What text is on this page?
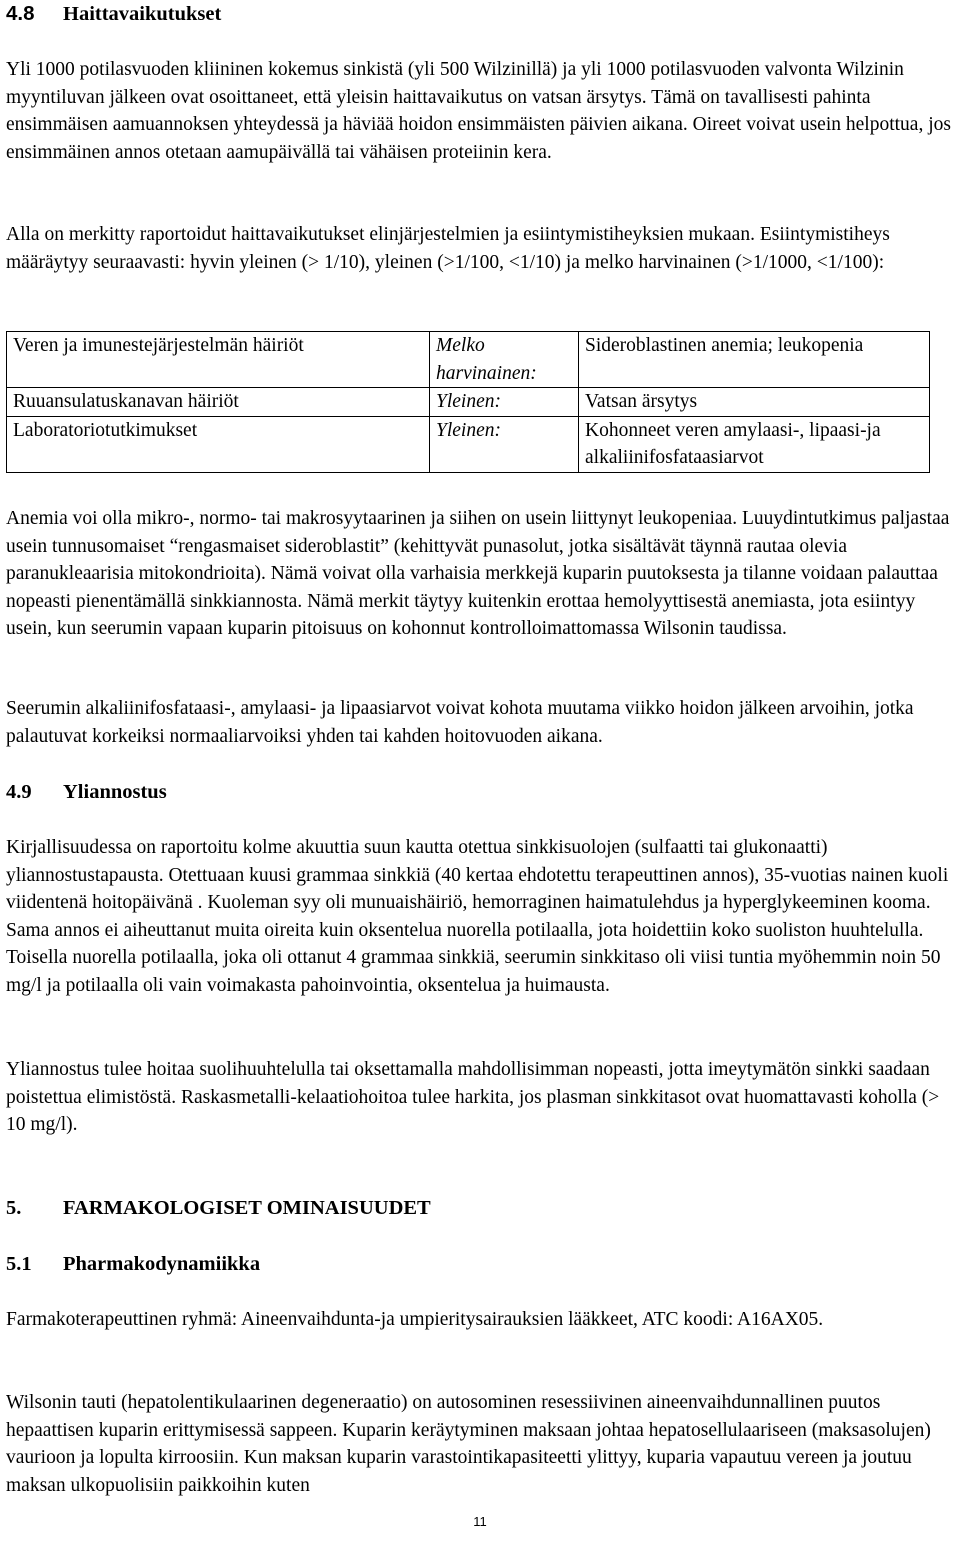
4.8 Haittavaikutukset

Yli 1000 potilasvuoden kliininen kokemus sinkistä (yli 500 Wilzinillä) ja yli 1000 potilasvuoden valvonta Wilzinin myyntiluvan jälkeen ovat osoittaneet, että yleisin haittavaikutus on vatsan ärsytys. Tämä on tavallisesti pahinta ensimmäisen aamuannoksen yhteydessä ja häviää hoidon ensimmäisten päivien aikana. Oireet voivat usein helpottua, jos ensimmäinen annos otetaan aamupäivällä tai vähäisen proteiinin kera.

Alla on merkitty raportoidut haittavaikutukset elinjärjestelmien ja esiintymistiheyksien mukaan. Esiintymistiheys määräytyy seuraavasti: hyvin yleinen (> 1/10), yleinen (>1/100, <1/10) ja melko harvinainen (>1/1000, <1/100):

Veren ja imunestejärjestelmän häiriöt	Melko harvinainen:	Sideroblastinen anemia; leukopenia
Ruuansulatuskanavan häiriöt	Yleinen:	Vatsan ärsytys
Laboratoriotutkimukset	Yleinen:	Kohonneet veren amylaasi-, lipaasi-ja alkaliinifosfataasiarvot

Anemia voi olla mikro-, normo- tai makrosyytaarinen ja siihen on usein liittynyt leukopeniaa. Luuydintutkimus paljastaa usein tunnusomaiset “rengasmaiset sideroblastit” (kehittyvät punasolut, jotka sisältävät täynnä rautaa olevia paranukleaarisia mitokondrioita). Nämä voivat olla varhaisia merkkejä kuparin puutoksesta ja tilanne voidaan palauttaa nopeasti pienentämällä sinkkiannosta. Nämä merkit täytyy kuitenkin erottaa hemolyyttisestä anemiasta, jota esiintyy usein, kun seerumin vapaan kuparin pitoisuus on kohonnut kontrolloimattomassa Wilsonin taudissa.

Seerumin alkaliinifosfataasi-, amylaasi- ja lipaasiarvot voivat kohota muutama viikko hoidon jälkeen arvoihin, jotka palautuvat korkeiksi normaaliarvoiksi yhden tai kahden hoitovuoden aikana.

4.9 Yliannostus

Kirjallisuudessa on raportoitu kolme akuuttia suun kautta otettua sinkkisuolojen (sulfaatti tai glukonaatti) yliannostustapausta. Otettuaan kuusi grammaa sinkkiä (40 kertaa ehdotettu terapeuttinen annos), 35-vuotias nainen kuoli viidentenä hoitopäivänä . Kuoleman syy oli munuaishäiriö, hemorraginen haimatulehdus ja hyperglykeeminen kooma. Sama annos ei aiheuttanut muita oireita kuin oksentelua nuorella potilaalla, jota hoidettiin koko suoliston huuhtelulla. Toisella nuorella potilaalla, joka oli ottanut 4 grammaa sinkkiä, seerumin sinkkitaso oli viisi tuntia myöhemmin noin 50 mg/l ja potilaalla oli vain voimakasta pahoinvointia, oksentelua ja huimausta.

Yliannostus tulee hoitaa suolihuuhtelulla tai oksettamalla mahdollisimman nopeasti, jotta imeytymätön sinkki saadaan poistettua elimistöstä. Raskasmetalli-kelaatiohoitoa tulee harkita, jos plasman sinkkitasot ovat huomattavasti koholla (> 10 mg/l).

5. FARMAKOLOGISET OMINAISUUDET
5.1 Pharmakodynamiikka

Farmakoterapeuttinen ryhmä: Aineenvaihdunta-ja umpieritysairauksien lääkkeet, ATC koodi: A16AX05.

Wilsonin tauti (hepatolentikulaarinen degeneraatio) on autosominen resessiivinen aineenvaihdunnallinen puutos hepaattisen kuparin erittymisessä sappeen. Kuparin keräytyminen maksaan johtaa hepatosellulaariseen (maksasolujen) vaurioon ja lopulta kirroosiin. Kun maksan kuparin varastointikapasiteetti ylittyy, kuparia vapautuu vereen ja joutuu maksan ulkopuolisiin paikkoihin kuten

11
